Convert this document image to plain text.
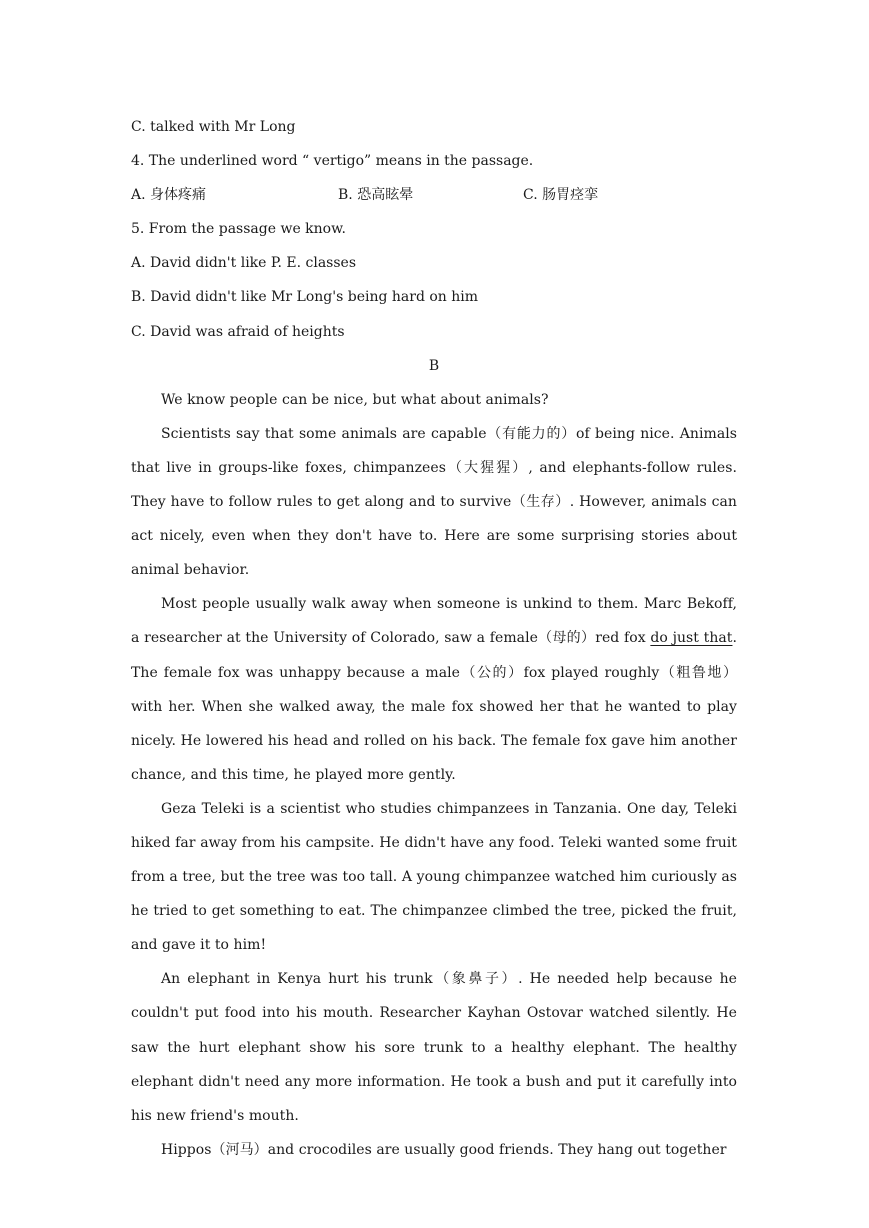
C. talked with Mr Long

4. The underlined word “ vertigo” means in the passage.

A. 身体疼痛	B. 恐高眩晕	C. 肠胃痉挛

5. From the passage we know.

A. David didn't like P. E. classes

B. David didn't like Mr Long's being hard on him

C. David was afraid of heights

B

We know people can be nice, but what about animals?

Scientists say that some animals are capable（有能力的）of being nice. Animals that live in groups-like foxes, chimpanzees（大猩猩）, and elephants-follow rules. They have to follow rules to get along and to survive（生存）. However, animals can act nicely, even when they don't have to. Here are some surprising stories about animal behavior.

Most people usually walk away when someone is unkind to them. Marc Bekoff, a researcher at the University of Colorado, saw a female（母的）red fox do just that. The female fox was unhappy because a male（公的）fox played roughly（粗鲁地）with her. When she walked away, the male fox showed her that he wanted to play nicely. He lowered his head and rolled on his back. The female fox gave him another chance, and this time, he played more gently.

Geza Teleki is a scientist who studies chimpanzees in Tanzania. One day, Teleki hiked far away from his campsite. He didn't have any food. Teleki wanted some fruit from a tree, but the tree was too tall. A young chimpanzee watched him curiously as he tried to get something to eat. The chimpanzee climbed the tree, picked the fruit, and gave it to him!

An elephant in Kenya hurt his trunk（象鼻子）. He needed help because he couldn't put food into his mouth. Researcher Kayhan Ostovar watched silently. He saw the hurt elephant show his sore trunk to a healthy elephant. The healthy elephant didn't need any more information. He took a bush and put it carefully into his new friend's mouth.

Hippos（河马）and crocodiles are usually good friends. They hang out together
